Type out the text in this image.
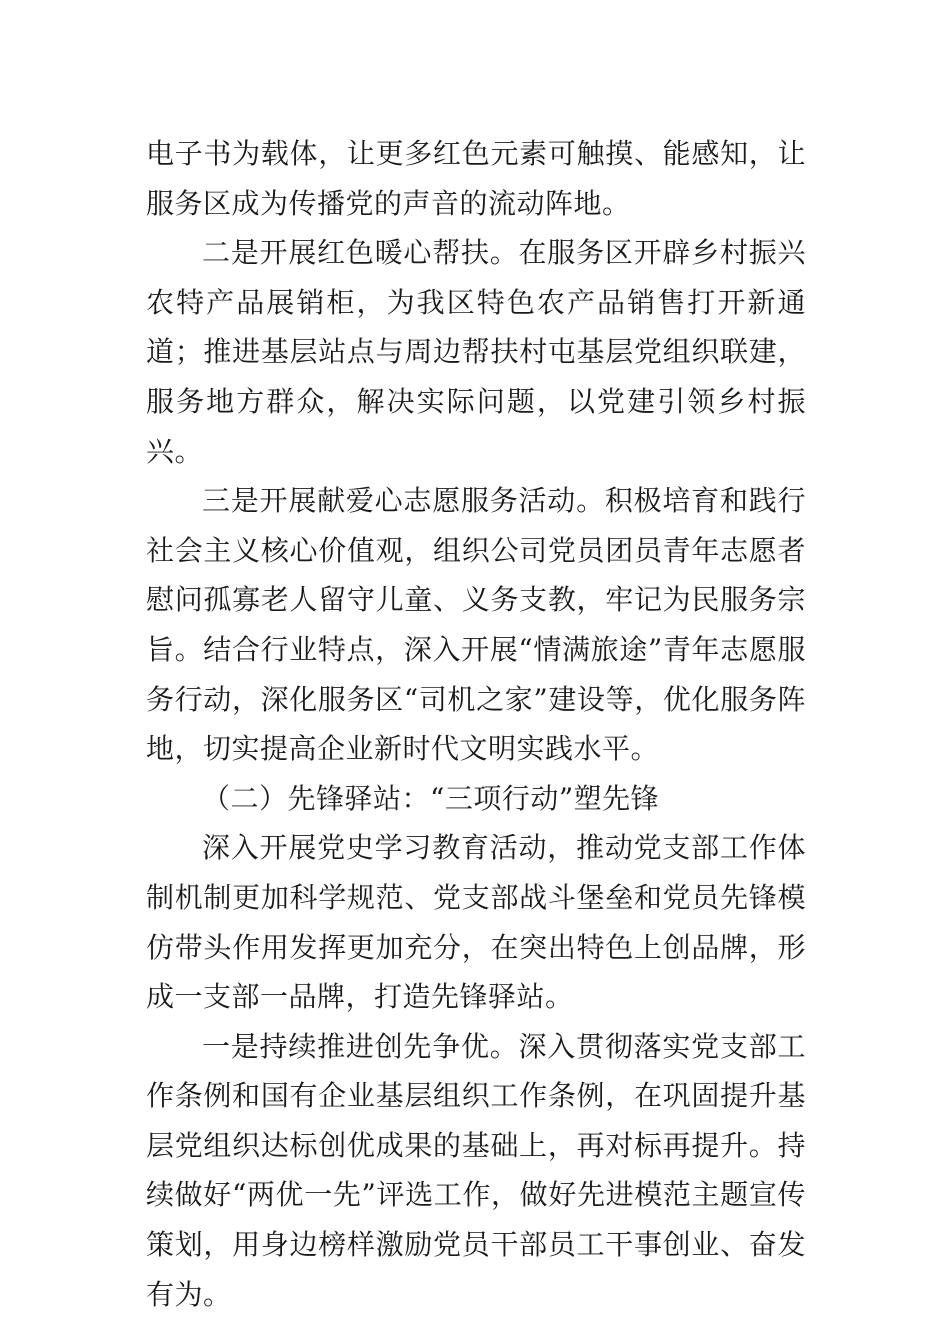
电子书为载体，让更多红色元素可触摸、能感知，让服务区成为传播党的声音的流动阵地。

二是开展红色暖心帮扶。在服务区开辟乡村振兴农特产品展销柜，为我区特色农产品销售打开新通道；推进基层站点与周边帮扶村屯基层党组织联建，服务地方群众，解决实际问题，以党建引领乡村振兴。

三是开展献爱心志愿服务活动。积极培育和践行社会主义核心价值观，组织公司党员团员青年志愿者慰问孤寡老人留守儿童、义务支教，牢记为民服务宗旨。结合行业特点，深入开展“情满旅途”青年志愿服务行动，深化服务区“司机之家”建设等，优化服务阵地，切实提高企业新时代文明实践水平。

（二）先锋驿站：“三项行动”塑先锋

深入开展党史学习教育活动，推动党支部工作体制机制更加科学规范、党支部战斗堡垒和党员先锋模仿带头作用发挥更加充分，在突出特色上创品牌，形成一支部一品牌，打造先锋驿站。

一是持续推进创先争优。深入贯彻落实党支部工作条例和国有企业基层组织工作条例，在巩固提升基层党组织达标创优成果的基础上，再对标再提升。持续做好“两优一先”评选工作，做好先进模范主题宣传策划，用身边榜样激励党员干部员工干事创业、奋发有为。
